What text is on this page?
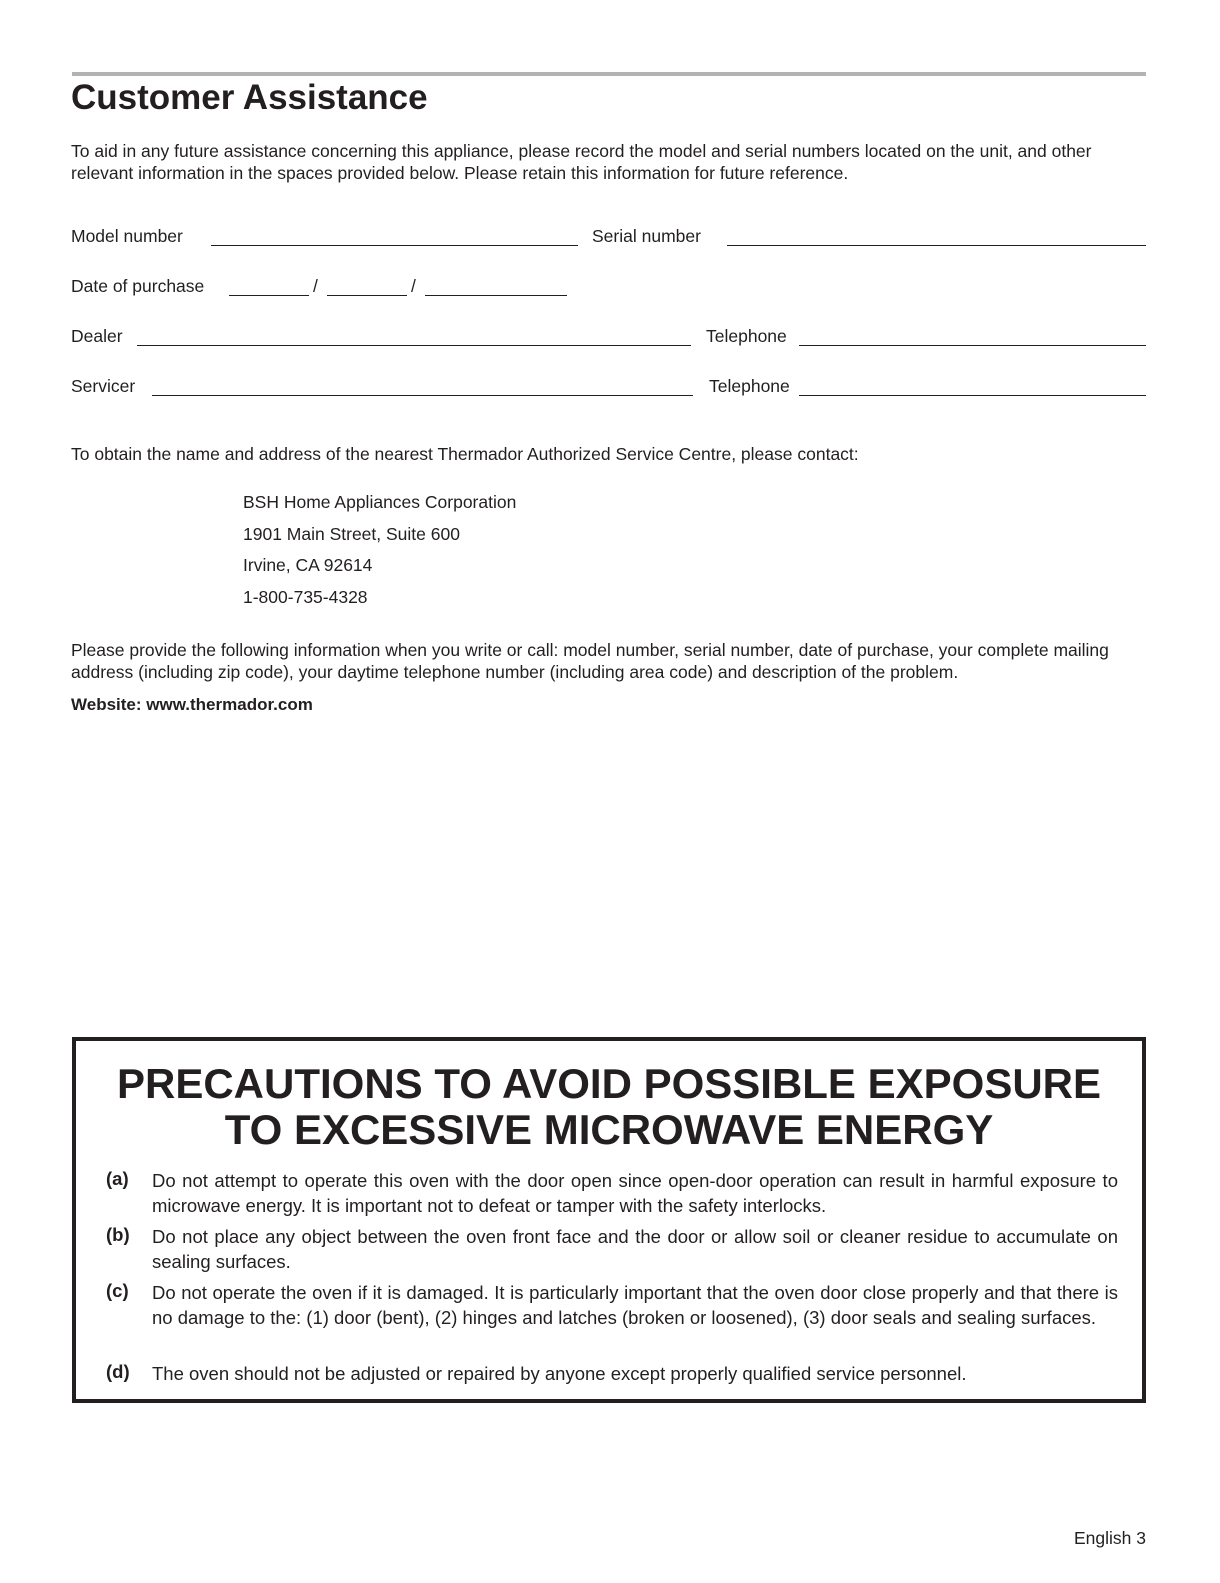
Customer Assistance
To aid in any future assistance concerning this appliance, please record the model and serial numbers located on the unit, and other relevant information in the spaces provided below. Please retain this information for future reference.
Model number	Serial number
Date of purchase	/	/
Dealer	Telephone
Servicer	Telephone
To obtain the name and address of the nearest Thermador Authorized Service Centre, please contact:
BSH Home Appliances Corporation
1901 Main Street, Suite 600
Irvine, CA 92614
1-800-735-4328
Please provide the following information when you write or call: model number, serial number, date of purchase, your complete mailing address (including zip code), your daytime telephone number (including area code) and description of the problem.
Website: www.thermador.com
PRECAUTIONS TO AVOID POSSIBLE EXPOSURE
TO EXCESSIVE MICROWAVE ENERGY
(a) Do not attempt to operate this oven with the door open since open-door operation can result in harmful exposure to microwave energy. It is important not to defeat or tamper with the safety interlocks.
(b) Do not place any object between the oven front face and the door or allow soil or cleaner residue to accumulate on sealing surfaces.
(c) Do not operate the oven if it is damaged. It is particularly important that the oven door close properly and that there is no damage to the: (1) door (bent), (2) hinges and latches (broken or loosened), (3) door seals and sealing surfaces.
(d) The oven should not be adjusted or repaired by anyone except properly qualified service personnel.
English 3
